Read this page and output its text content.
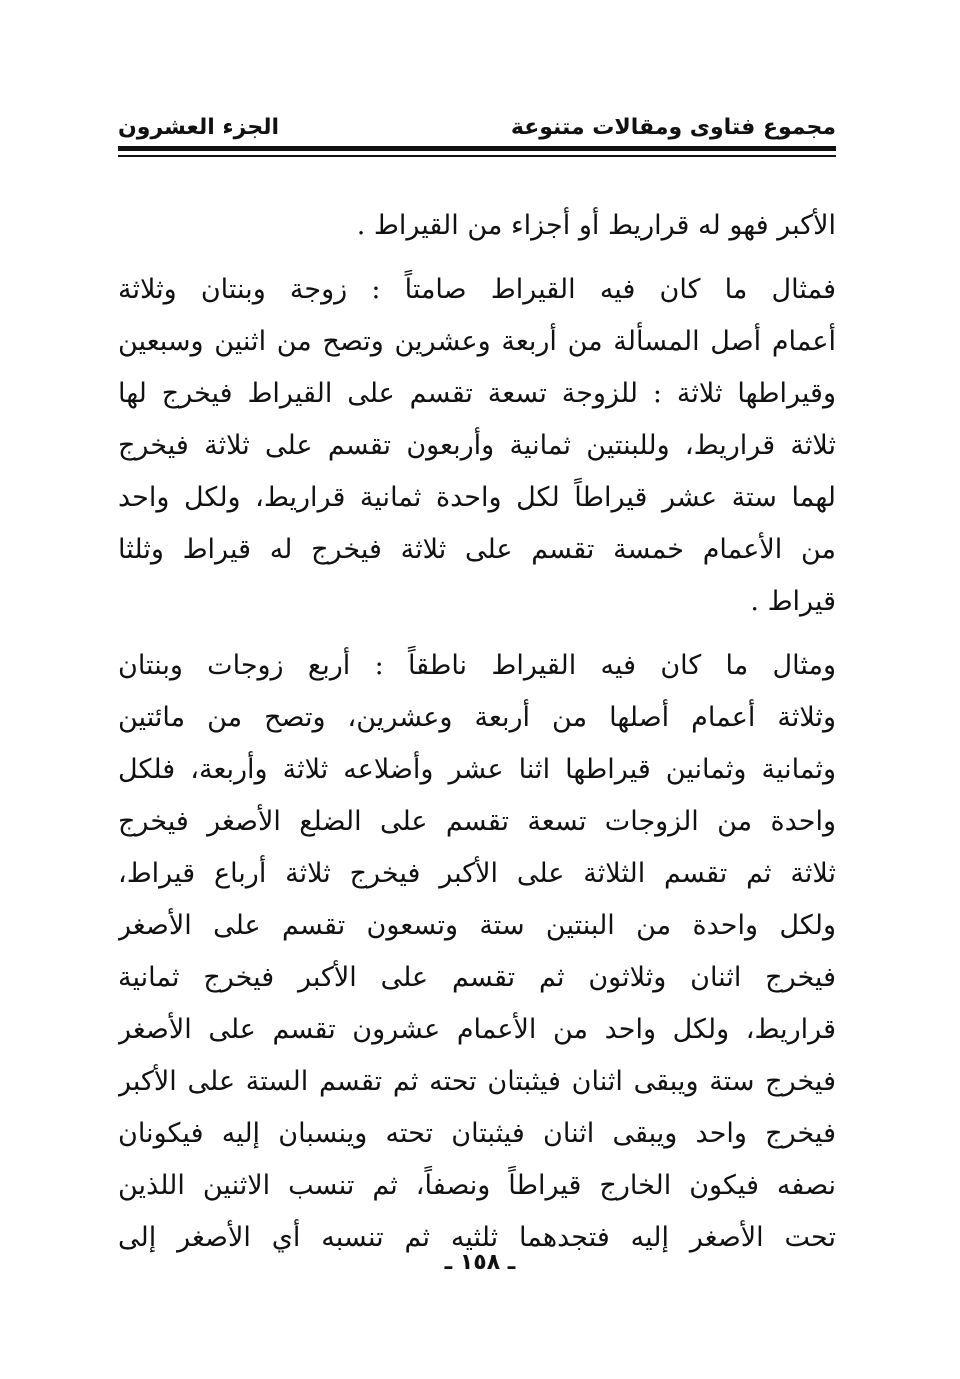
مجموع فتاوى ومقالات متنوعة
الجزء العشرون
الأكبر فهو له قراريط أو أجزاء من القيراط .
فمثال ما كان فيه القيراط صامتاً : زوجة وبنتان وثلاثة
أعمام أصل المسألة من أربعة وعشرين وتصح من اثنين وسبعين
وقيراطها ثلاثة : للزوجة تسعة تقسم على القيراط فيخرج لها
ثلاثة قراريط، وللبنتين ثمانية وأربعون تقسم على ثلاثة فيخرج
لهما ستة عشر قيراطاً لكل واحدة ثمانية قراريط، ولكل واحد
من الأعمام خمسة تقسم على ثلاثة فيخرج له قيراط وثلثا
قيراط .
ومثال ما كان فيه القيراط ناطقاً : أربع زوجات وبنتان
وثلاثة أعمام أصلها من أربعة وعشرين، وتصح من مائتين
وثمانية وثمانين قيراطها اثنا عشر وأضلاعه ثلاثة وأربعة، فلكل
واحدة من الزوجات تسعة تقسم على الضلع الأصغر فيخرج
ثلاثة ثم تقسم الثلاثة على الأكبر فيخرج ثلاثة أرباع قيراط،
ولكل واحدة من البنتين ستة وتسعون تقسم على الأصغر
فيخرج اثنان وثلاثون ثم تقسم على الأكبر فيخرج ثمانية
قراريط، ولكل واحد من الأعمام عشرون تقسم على الأصغر
فيخرج ستة ويبقى اثنان فيثبتان تحته ثم تقسم الستة على الأكبر
فيخرج واحد ويبقى اثنان فيثبتان تحته وينسبان إليه فيكونان
نصفه فيكون الخارج قيراطاً ونصفاً، ثم تنسب الاثنين اللذين
تحت الأصغر إليه فتجدهما ثلثيه ثم تنسبه أي الأصغر إلى
ـ ١٥٨ ـ
